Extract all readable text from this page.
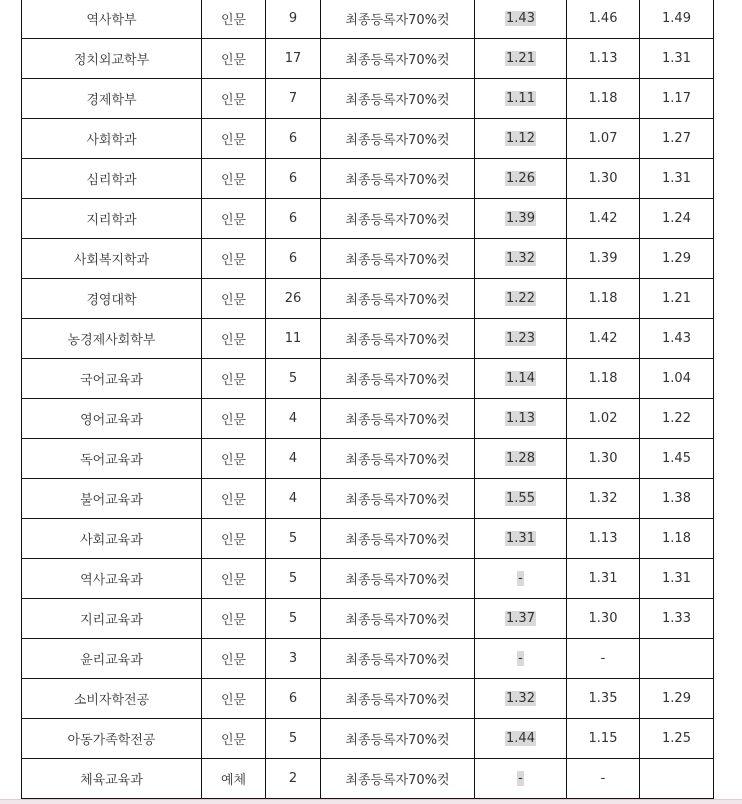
역사학부	인문	9	최종등록자70%컷	1.43	1.46	1.49
정치외교학부	인문	17	최종등록자70%컷	1.21	1.13	1.31
경제학부	인문	7	최종등록자70%컷	1.11	1.18	1.17
사회학과	인문	6	최종등록자70%컷	1.12	1.07	1.27
심리학과	인문	6	최종등록자70%컷	1.26	1.30	1.31
지리학과	인문	6	최종등록자70%컷	1.39	1.42	1.24
사회복지학과	인문	6	최종등록자70%컷	1.32	1.39	1.29
경영대학	인문	26	최종등록자70%컷	1.22	1.18	1.21
농경제사회학부	인문	11	최종등록자70%컷	1.23	1.42	1.43
국어교육과	인문	5	최종등록자70%컷	1.14	1.18	1.04
영어교육과	인문	4	최종등록자70%컷	1.13	1.02	1.22
독어교육과	인문	4	최종등록자70%컷	1.28	1.30	1.45
불어교육과	인문	4	최종등록자70%컷	1.55	1.32	1.38
사회교육과	인문	5	최종등록자70%컷	1.31	1.13	1.18
역사교육과	인문	5	최종등록자70%컷	-	1.31	1.31
지리교육과	인문	5	최종등록자70%컷	1.37	1.30	1.33
윤리교육과	인문	3	최종등록자70%컷	-	-	
소비자학전공	인문	6	최종등록자70%컷	1.32	1.35	1.29
아동가족학전공	인문	5	최종등록자70%컷	1.44	1.15	1.25
체육교육과	예체	2	최종등록자70%컷	-	-	
